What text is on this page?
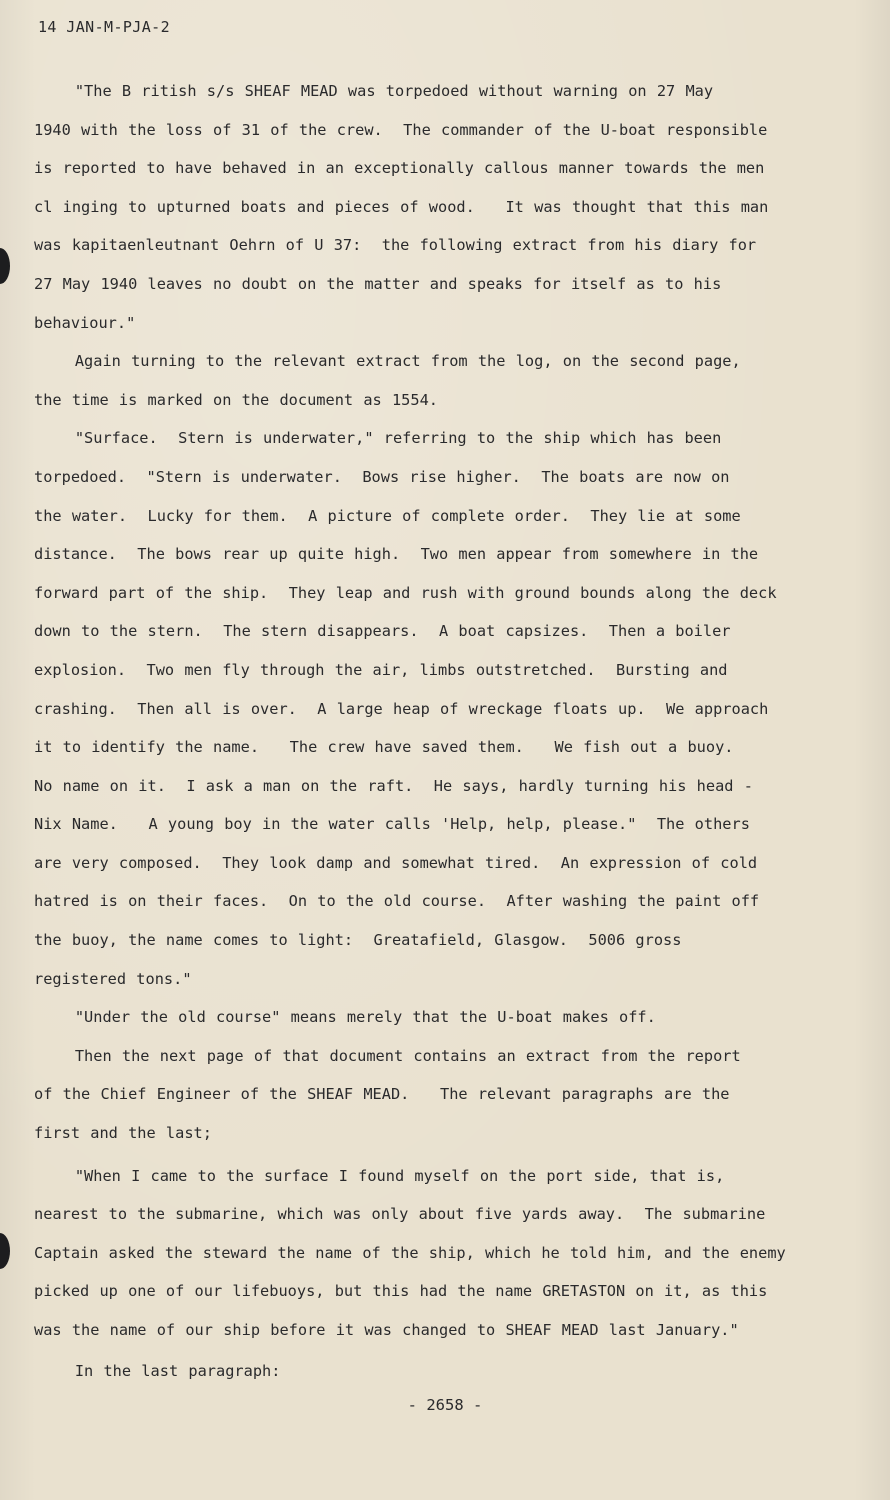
14 JAN-M-PJA-2

"The B ritish s/s SHEAF MEAD was torpedoed without warning on 27 May

1940 with the loss of 31 of the crew.  The commander of the U-boat responsible

is reported to have behaved in an exceptionally callous manner towards the men

cl inging to upturned boats and pieces of wood.   It was thought that this man

was kapitaenleutnant Oehrn of U 37:  the following extract from his diary for

27 May 1940 leaves no doubt on the matter and speaks for itself as to his

behaviour."

Again turning to the relevant extract from the log, on the second page,

the time is marked on the document as 1554.

"Surface.  Stern is underwater," referring to the ship which has been

torpedoed.  "Stern is underwater.  Bows rise higher.  The boats are now on

the water.  Lucky for them.  A picture of complete order.  They lie at some

distance.  The bows rear up quite high.  Two men appear from somewhere in the

forward part of the ship.  They leap and rush with ground bounds along the deck

down to the stern.  The stern disappears.  A boat capsizes.  Then a boiler

explosion.  Two men fly through the air, limbs outstretched.  Bursting and

crashing.  Then all is over.  A large heap of wreckage floats up.  We approach

it to identify the name.   The crew have saved them.   We fish out a buoy.

No name on it.  I ask a man on the raft.  He says, hardly turning his head -

Nix Name.   A young boy in the water calls 'Help, help, please."  The others

are very composed.  They look damp and somewhat tired.  An expression of cold

hatred is on their faces.  On to the old course.  After washing the paint off

the buoy, the name comes to light:  Greatafield, Glasgow.  5006 gross

registered tons."

"Under the old course" means merely that the U-boat makes off.

Then the next page of that document contains an extract from the report

of the Chief Engineer of the SHEAF MEAD.   The relevant paragraphs are the

first and the last;

"When I came to the surface I found myself on the port side, that is,

nearest to the submarine, which was only about five yards away.  The submarine

Captain asked the steward the name of the ship, which he told him, and the enemy

picked up one of our lifebuoys, but this had the name GRETASTON on it, as this

was the name of our ship before it was changed to SHEAF MEAD last January."

In the last paragraph:

- 2658 -
